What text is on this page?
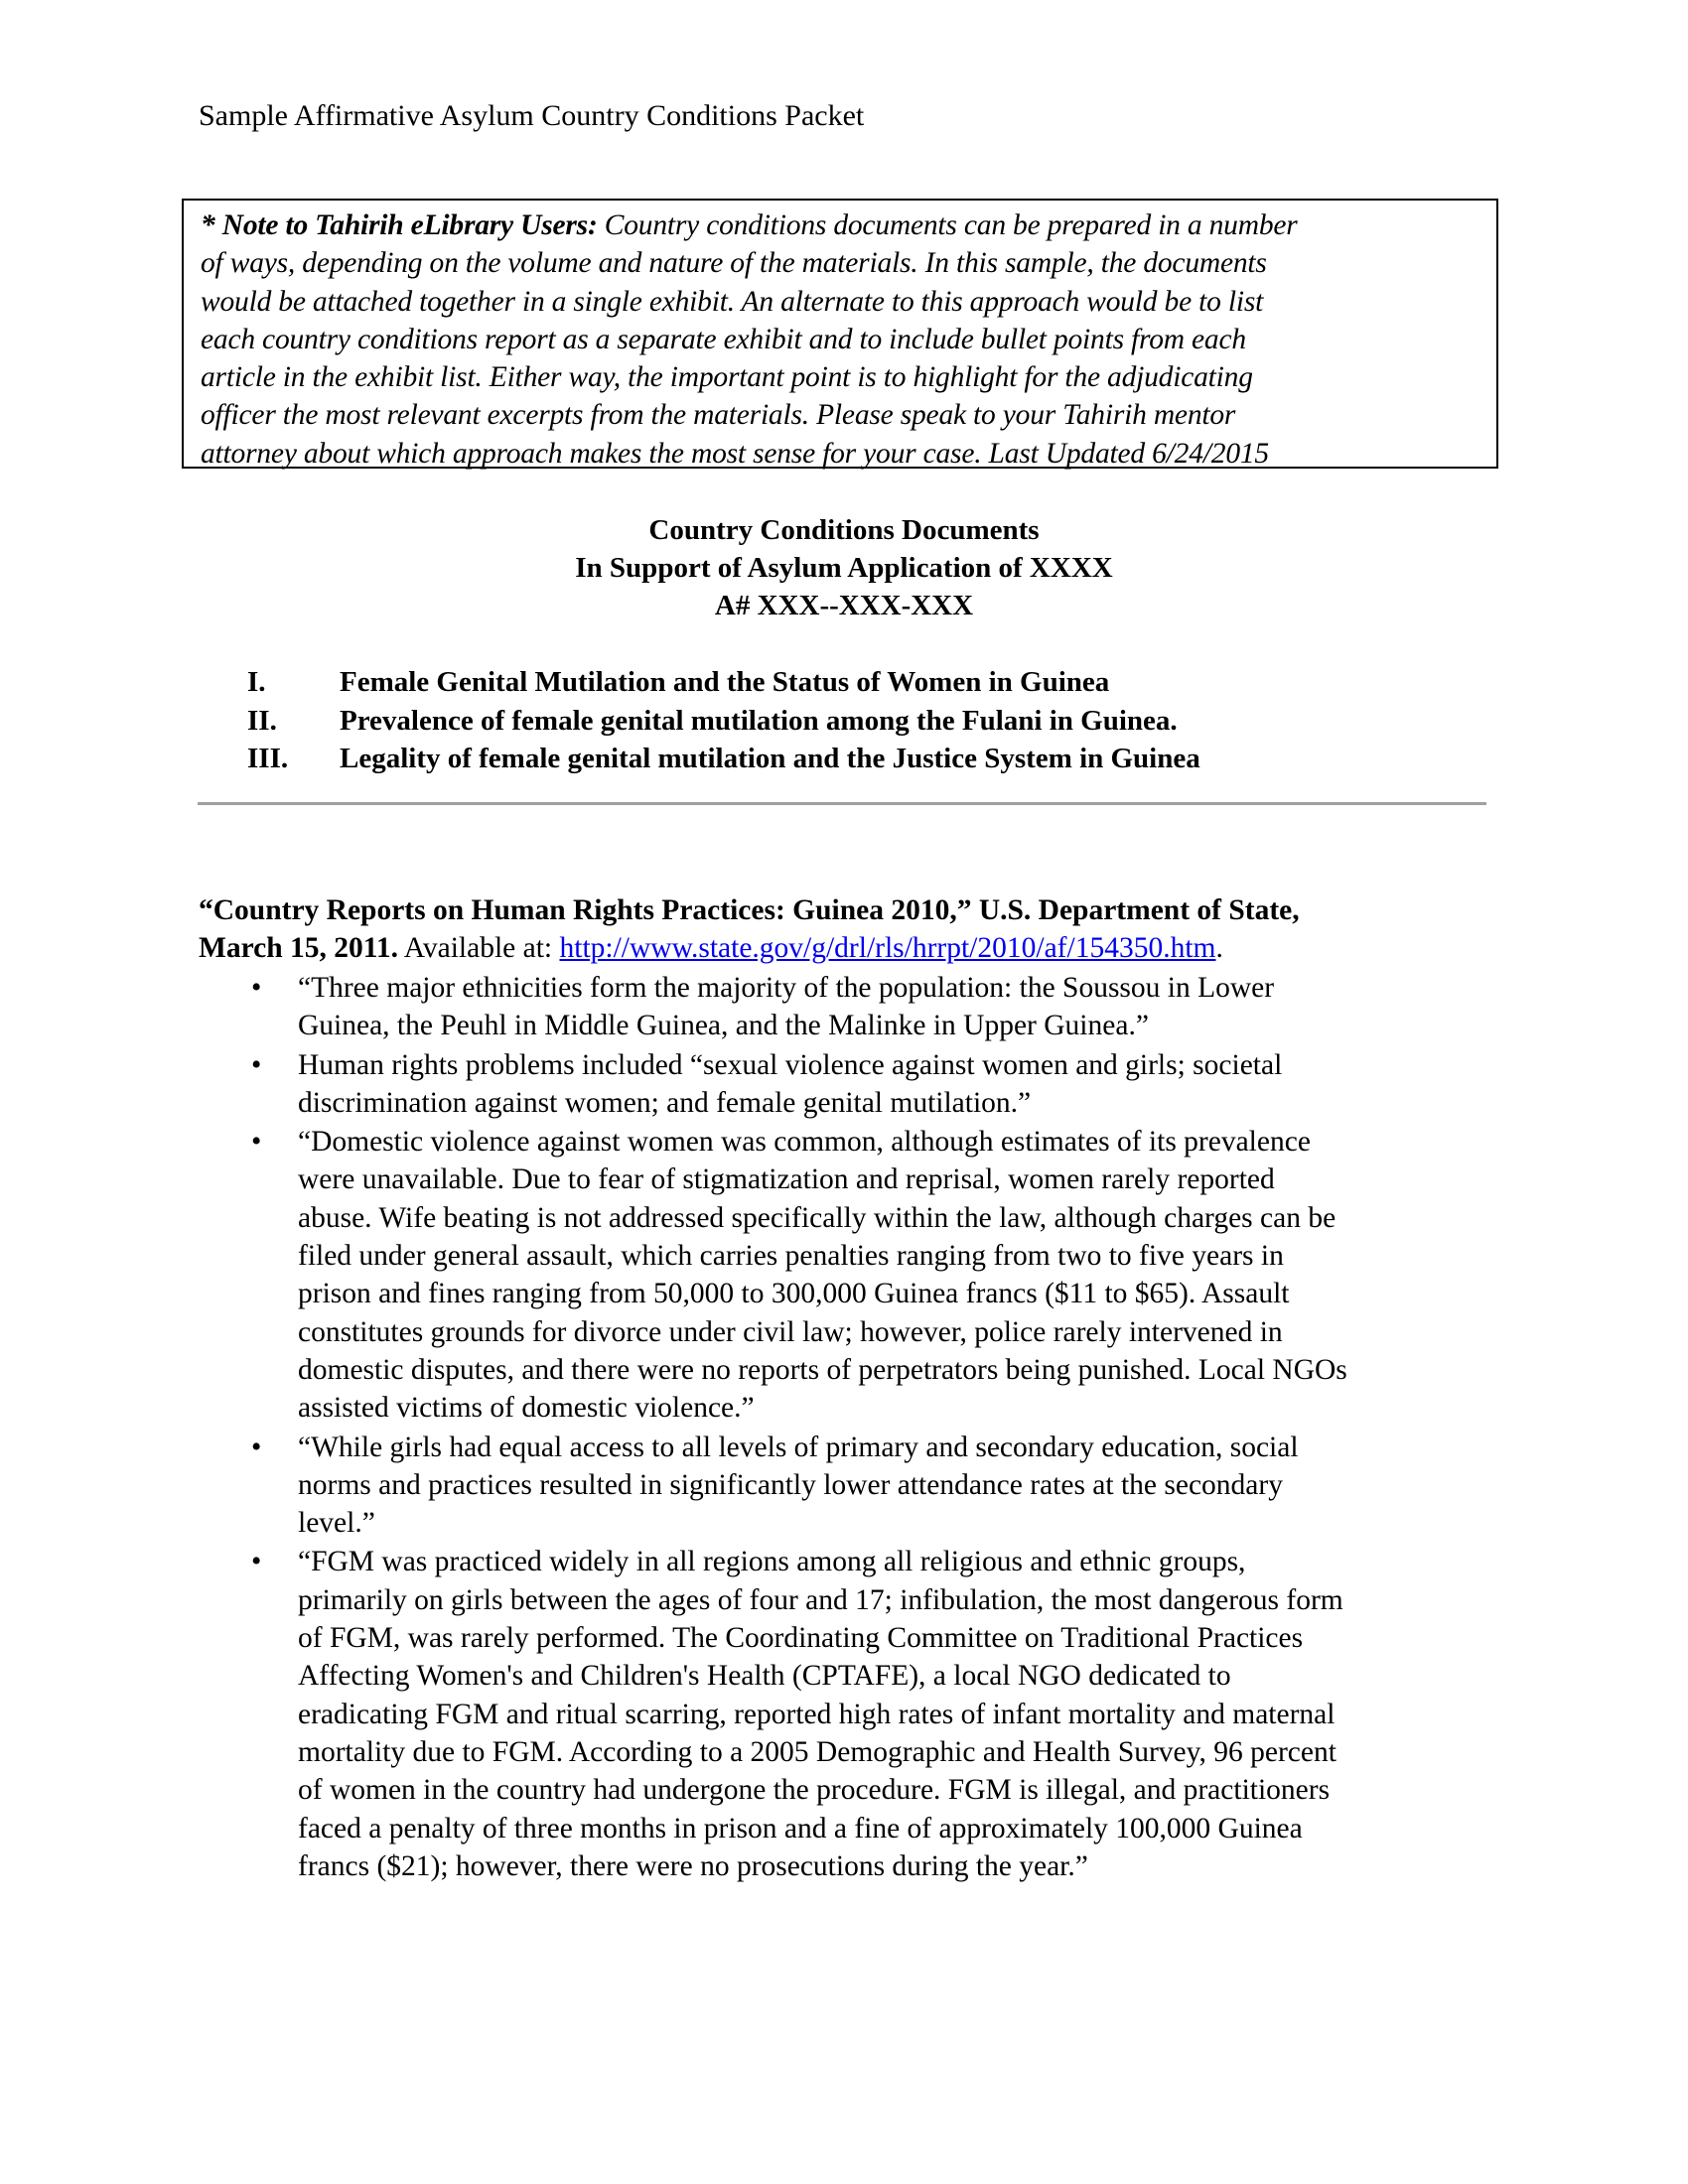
Sample Affirmative Asylum Country Conditions Packet
* Note to Tahirih eLibrary Users: Country conditions documents can be prepared in a number
of ways, depending on the volume and nature of the materials. In this sample, the documents
would be attached together in a single exhibit. An alternate to this approach would be to list
each country conditions report as a separate exhibit and to include bullet points from each
article in the exhibit list. Either way, the important point is to highlight for the adjudicating
officer the most relevant excerpts from the materials. Please speak to your Tahirih mentor
attorney about which approach makes the most sense for your case. Last Updated 6/24/2015
Country Conditions Documents
In Support of Asylum Application of XXXX
A# XXX--XXX-XXX
I.	Female Genital Mutilation and the Status of Women in Guinea
II. Prevalence of female genital mutilation among the Fulani in Guinea.
III. Legality of female genital mutilation and the Justice System in Guinea
“Country Reports on Human Rights Practices: Guinea 2010,” U.S. Department of State,
March 15, 2011. Available at: http://www.state.gov/g/drl/rls/hrrpt/2010/af/154350.htm.
• “Three major ethnicities form the majority of the population: the Soussou in Lower
Guinea, the Peuhl in Middle Guinea, and the Malinke in Upper Guinea.”
• Human rights problems included “sexual violence against women and girls; societal
discrimination against women; and female genital mutilation.”
• “Domestic violence against women was common, although estimates of its prevalence
were unavailable. Due to fear of stigmatization and reprisal, women rarely reported
abuse. Wife beating is not addressed specifically within the law, although charges can be
filed under general assault, which carries penalties ranging from two to five years in
prison and fines ranging from 50,000 to 300,000 Guinea francs ($11 to $65). Assault
constitutes grounds for divorce under civil law; however, police rarely intervened in
domestic disputes, and there were no reports of perpetrators being punished. Local NGOs
assisted victims of domestic violence.”
• “While girls had equal access to all levels of primary and secondary education, social
norms and practices resulted in significantly lower attendance rates at the secondary
level.”
• “FGM was practiced widely in all regions among all religious and ethnic groups,
primarily on girls between the ages of four and 17; infibulation, the most dangerous form
of FGM, was rarely performed. The Coordinating Committee on Traditional Practices
Affecting Women's and Children's Health (CPTAFE), a local NGO dedicated to
eradicating FGM and ritual scarring, reported high rates of infant mortality and maternal
mortality due to FGM. According to a 2005 Demographic and Health Survey, 96 percent
of women in the country had undergone the procedure. FGM is illegal, and practitioners
faced a penalty of three months in prison and a fine of approximately 100,000 Guinea
francs ($21); however, there were no prosecutions during the year.”
